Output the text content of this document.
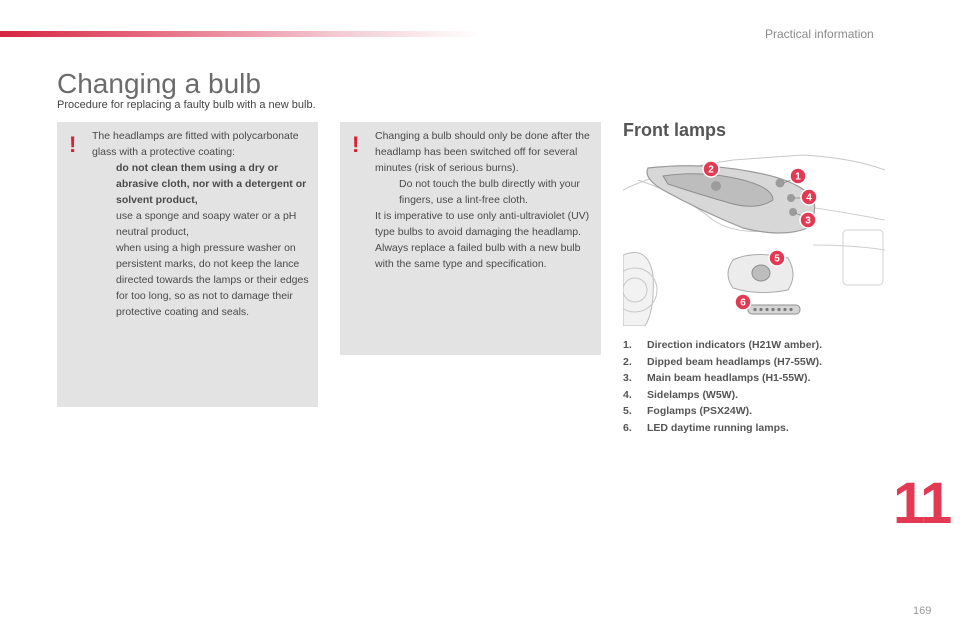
Practical information
Changing a bulb
Procedure for replacing a faulty bulb with a new bulb.
! The headlamps are fitted with polycarbonate glass with a protective coating:

do not clean them using a dry or abrasive cloth, nor with a detergent or solvent product,

use a sponge and soapy water or a pH neutral product,

when using a high pressure washer on persistent marks, do not keep the lance directed towards the lamps or their edges for too long, so as not to damage their protective coating and seals.

! Changing a bulb should only be done after the headlamp has been switched off for several minutes (risk of serious burns).

Do not touch the bulb directly with your fingers, use a lint-free cloth.

It is imperative to use only anti-ultraviolet (UV) type bulbs to avoid damaging the headlamp.

Always replace a failed bulb with a new bulb with the same type and specification.

Front lamps
1
2
3
4
5
6
1. Direction indicators (H21W amber).
2. Dipped beam headlamps (H7-55W).
3. Main beam headlamps (H1-55W).
4. Sidelamps (W5W).
5. Foglamps (PSX24W).
6. LED daytime running lamps.
11
169
